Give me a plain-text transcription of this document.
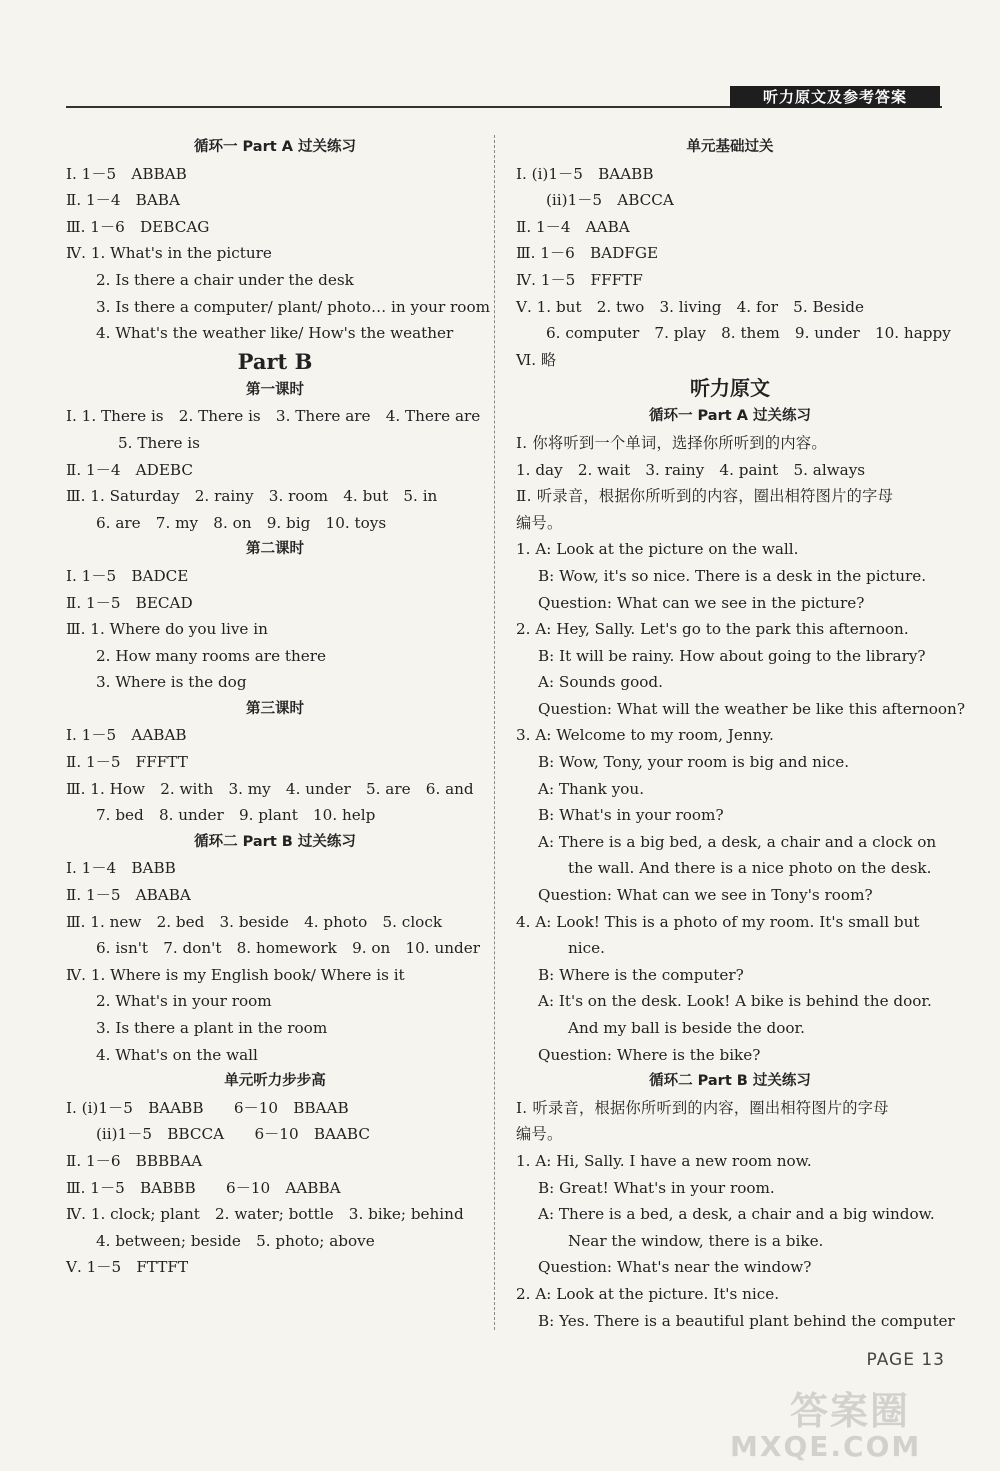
听力原文及参考答案
循环一 Part A 过关练习
Ⅰ. 1－5　ABBAB
Ⅱ. 1－4　BABA
Ⅲ. 1－6　DEBCAG
Ⅳ. 1. What's in the picture
2. Is there a chair under the desk
3. Is there a computer/ plant/ photo… in your room
4. What's the weather like/ How's the weather
Part B
第一课时
Ⅰ. 1. There is　2. There is　3. There are　4. There are
5. There is
Ⅱ. 1－4　ADEBC
Ⅲ. 1. Saturday　2. rainy　3. room　4. but　5. in
6. are　7. my　8. on　9. big　10. toys
第二课时
Ⅰ. 1－5　BADCE
Ⅱ. 1－5　BECAD
Ⅲ. 1. Where do you live in
2. How many rooms are there
3. Where is the dog
第三课时
Ⅰ. 1－5　AABAB
Ⅱ. 1－5　FFFTT
Ⅲ. 1. How　2. with　3. my　4. under　5. are　6. and
7. bed　8. under　9. plant　10. help
循环二 Part B 过关练习
Ⅰ. 1－4　BABB
Ⅱ. 1－5　ABABA
Ⅲ. 1. new　2. bed　3. beside　4. photo　5. clock
6. isn't　7. don't　8. homework　9. on　10. under
Ⅳ. 1. Where is my English book/ Where is it
2. What's in your room
3. Is there a plant in the room
4. What's on the wall
单元听力步步高
Ⅰ. (i)1－5　BAABB　　6－10　BBAAB
(ii)1－5　BBCCA　　6－10　BAABC
Ⅱ. 1－6　BBBBAA
Ⅲ. 1－5　BABBB　　6－10　AABBA
Ⅳ. 1. clock; plant　2. water; bottle　3. bike; behind
4. between; beside　5. photo; above
Ⅴ. 1－5　FTTFT
单元基础过关
Ⅰ. (i)1－5　BAABB
(ii)1－5　ABCCA
Ⅱ. 1－4　AABA
Ⅲ. 1－6　BADFGE
Ⅳ. 1－5　FFFTF
Ⅴ. 1. but　2. two　3. living　4. for　5. Beside
6. computer　7. play　8. them　9. under　10. happy
Ⅵ. 略
听力原文
循环一 Part A 过关练习
Ⅰ. 你将听到一个单词，选择你所听到的内容。
1. day　2. wait　3. rainy　4. paint　5. always
Ⅱ. 听录音，根据你所听到的内容，圈出相符图片的字母
编号。
1. A: Look at the picture on the wall.
B: Wow, it's so nice. There is a desk in the picture.
Question: What can we see in the picture?
2. A: Hey, Sally. Let's go to the park this afternoon.
B: It will be rainy. How about going to the library?
A: Sounds good.
Question: What will the weather be like this afternoon?
3. A: Welcome to my room, Jenny.
B: Wow, Tony, your room is big and nice.
A: Thank you.
B: What's in your room?
A: There is a big bed, a desk, a chair and a clock on
the wall. And there is a nice photo on the desk.
Question: What can we see in Tony's room?
4. A: Look! This is a photo of my room. It's small but
nice.
B: Where is the computer?
A: It's on the desk. Look! A bike is behind the door.
And my ball is beside the door.
Question: Where is the bike?
循环二 Part B 过关练习
Ⅰ. 听录音，根据你所听到的内容，圈出相符图片的字母
编号。
1. A: Hi, Sally. I have a new room now.
B: Great! What's in your room.
A: There is a bed, a desk, a chair and a big window.
Near the window, there is a bike.
Question: What's near the window?
2. A: Look at the picture. It's nice.
B: Yes. There is a beautiful plant behind the computer
PAGE 13
答案圈
MXQE.COM
